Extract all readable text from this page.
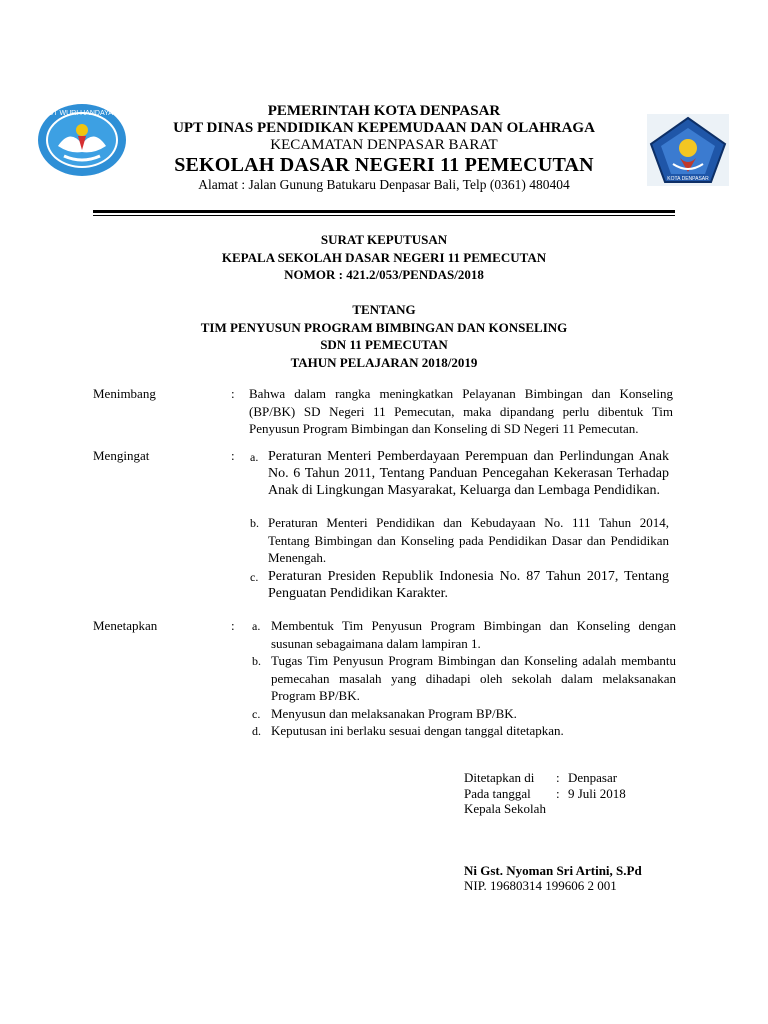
TUT WURI HANDAYANI
KOTA DENPASAR
PEMERINTAH KOTA DENPASAR
UPT DINAS PENDIDIKAN KEPEMUDAAN DAN OLAHRAGA
KECAMATAN DENPASAR BARAT
SEKOLAH DASAR NEGERI 11 PEMECUTAN
Alamat : Jalan Gunung Batukaru Denpasar Bali, Telp (0361) 480404
SURAT KEPUTUSAN
KEPALA SEKOLAH DASAR NEGERI 11 PEMECUTAN
NOMOR : 421.2/053/PENDAS/2018
TENTANG
TIM PENYUSUN PROGRAM BIMBINGAN DAN KONSELING
SDN 11 PEMECUTAN
TAHUN PELAJARAN 2018/2019
Menimbang	: Bahwa dalam rangka meningkatkan Pelayanan Bimbingan dan Konseling (BP/BK) SD Negeri 11 Pemecutan, maka dipandang perlu dibentuk Tim Penyusun Program Bimbingan dan Konseling di SD Negeri 11 Pemecutan.
Mengingat	: a. Peraturan Menteri Pemberdayaan Perempuan dan Perlindungan Anak No. 6 Tahun 2011, Tentang Panduan Pencegahan Kekerasan Terhadap Anak di Lingkungan Masyarakat, Keluarga dan Lembaga Pendidikan.
b. Peraturan Menteri Pendidikan dan Kebudayaan No. 111 Tahun 2014, Tentang Bimbingan dan Konseling pada Pendidikan Dasar dan Pendidikan Menengah.
c. Peraturan Presiden Republik Indonesia No. 87 Tahun 2017, Tentang Penguatan Pendidikan Karakter.
Menetapkan	: a. Membentuk Tim Penyusun Program Bimbingan dan Konseling dengan susunan sebagaimana dalam lampiran 1.
b. Tugas Tim Penyusun Program Bimbingan dan Konseling adalah membantu pemecahan masalah yang dihadapi oleh sekolah dalam melaksanakan Program BP/BK.
c. Menyusun dan melaksanakan Program BP/BK.
d. Keputusan ini berlaku sesuai dengan tanggal ditetapkan.
Ditetapkan di : Denpasar
Pada tanggal : 9 Juli 2018
Kepala Sekolah
Ni Gst. Nyoman Sri Artini, S.Pd
NIP. 19680314 199606 2 001
